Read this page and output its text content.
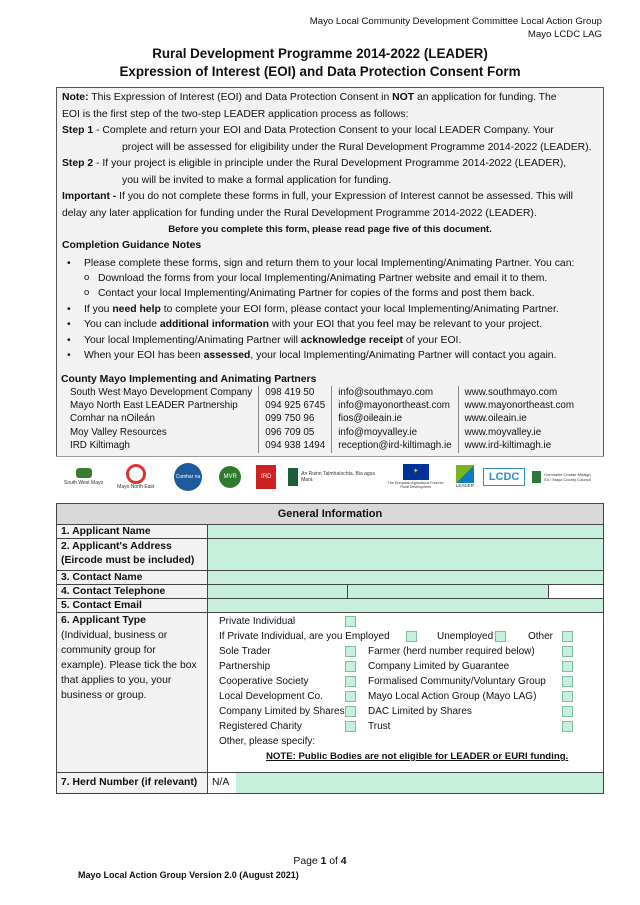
Mayo Local Community Development Committee Local Action Group
Mayo LCDC LAG
Rural Development Programme 2014-2022 (LEADER)
Expression of Interest (EOI) and Data Protection Consent Form

Note: This Expression of Interest (EOI) and Data Protection Consent in NOT an application for funding. The

EOI is the first step of the two-step LEADER application process as follows:

Step 1 - Complete and return your EOI and Data Protection Consent to your local LEADER Company. Your

project will be assessed for eligibility under the Rural Development Programme 2014-2022 (LEADER).

Step 2 - If your project is eligible in principle under the Rural Development Programme 2014-2022 (LEADER),

you will be invited to make a formal application for funding.

Important - If you do not complete these forms in full, your Expression of Interest cannot be assessed. This will

delay any later application for funding under the Rural Development Programme 2014-2022 (LEADER).

Before you complete this form, please read page five of this document.

Completion Guidance Notes

• Please complete these forms, sign and return them to your local Implementing/Animating Partner. You can:
o Download the forms from your local Implementing/Animating Partner website and email it to them.
o Contact your local Implementing/Animating Partner for copies of the forms and post them back.
• If you need help to complete your EOI form, please contact your local Implementing/Animating Partner.
• You can include additional information with your EOI that you feel may be relevant to your project.
• Your local Implementing/Animating Partner will acknowledge receipt of your EOI.
• When your EOI has been assessed, your local Implementing/Animating Partner will contact you again.
County Mayo Implementing and Animating Partners
South West Mayo Development Company	098 419 50	info@southmayo.com	www.southmayo.com
Mayo North East LEADER Partnership	094 925 6745	info@mayonortheast.com	www.mayonortheast.com
Comhar na nOileán	099 750 96	fios@oileain.ie	www.oileain.ie
Moy Valley Resources	096 709 05	info@moyvalley.ie	www.moyvalley.ie
IRD Kiltimagh	094 938 1494	reception@ird-kiltimagh.ie	www.ird-kiltimagh.ie
South West Mayo
Mayo North East
Comhar na	MVR	IRD	An Roinn Talmhaíochta, Bia agus Mara
✦
The European Agricultural Fund for Rural Development	LEADER
LCDC	Comhairle Contae Mhaigh Eo / Mayo County Council
General Information
1. Applicant Name
2. Applicant's Address
(Eircode must be included)
3. Contact Name
4. Contact Telephone
5. Contact Email
6. Applicant Type
(Individual, business or community group for example). Please tick the box that applies to you, your business or group.
Private Individual
If Private Individual, are you Employed	Unemployed	Other
Sole Trader	Farmer (herd number required below)
Partnership	Company Limited by Guarantee
Cooperative Society	Formalised Community/Voluntary Group
Local Development Co.	Mayo Local Action Group (Mayo LAG)
Company Limited by Shares DAC Limited by Shares
Registered Charity	Trust
Other, please specify:
NOTE: Public Bodies are not eligible for LEADER or EURI funding.
7. Herd Number (if relevant)	N/A
Page 1 of 4
Mayo Local Action Group Version 2.0 (August 2021)
